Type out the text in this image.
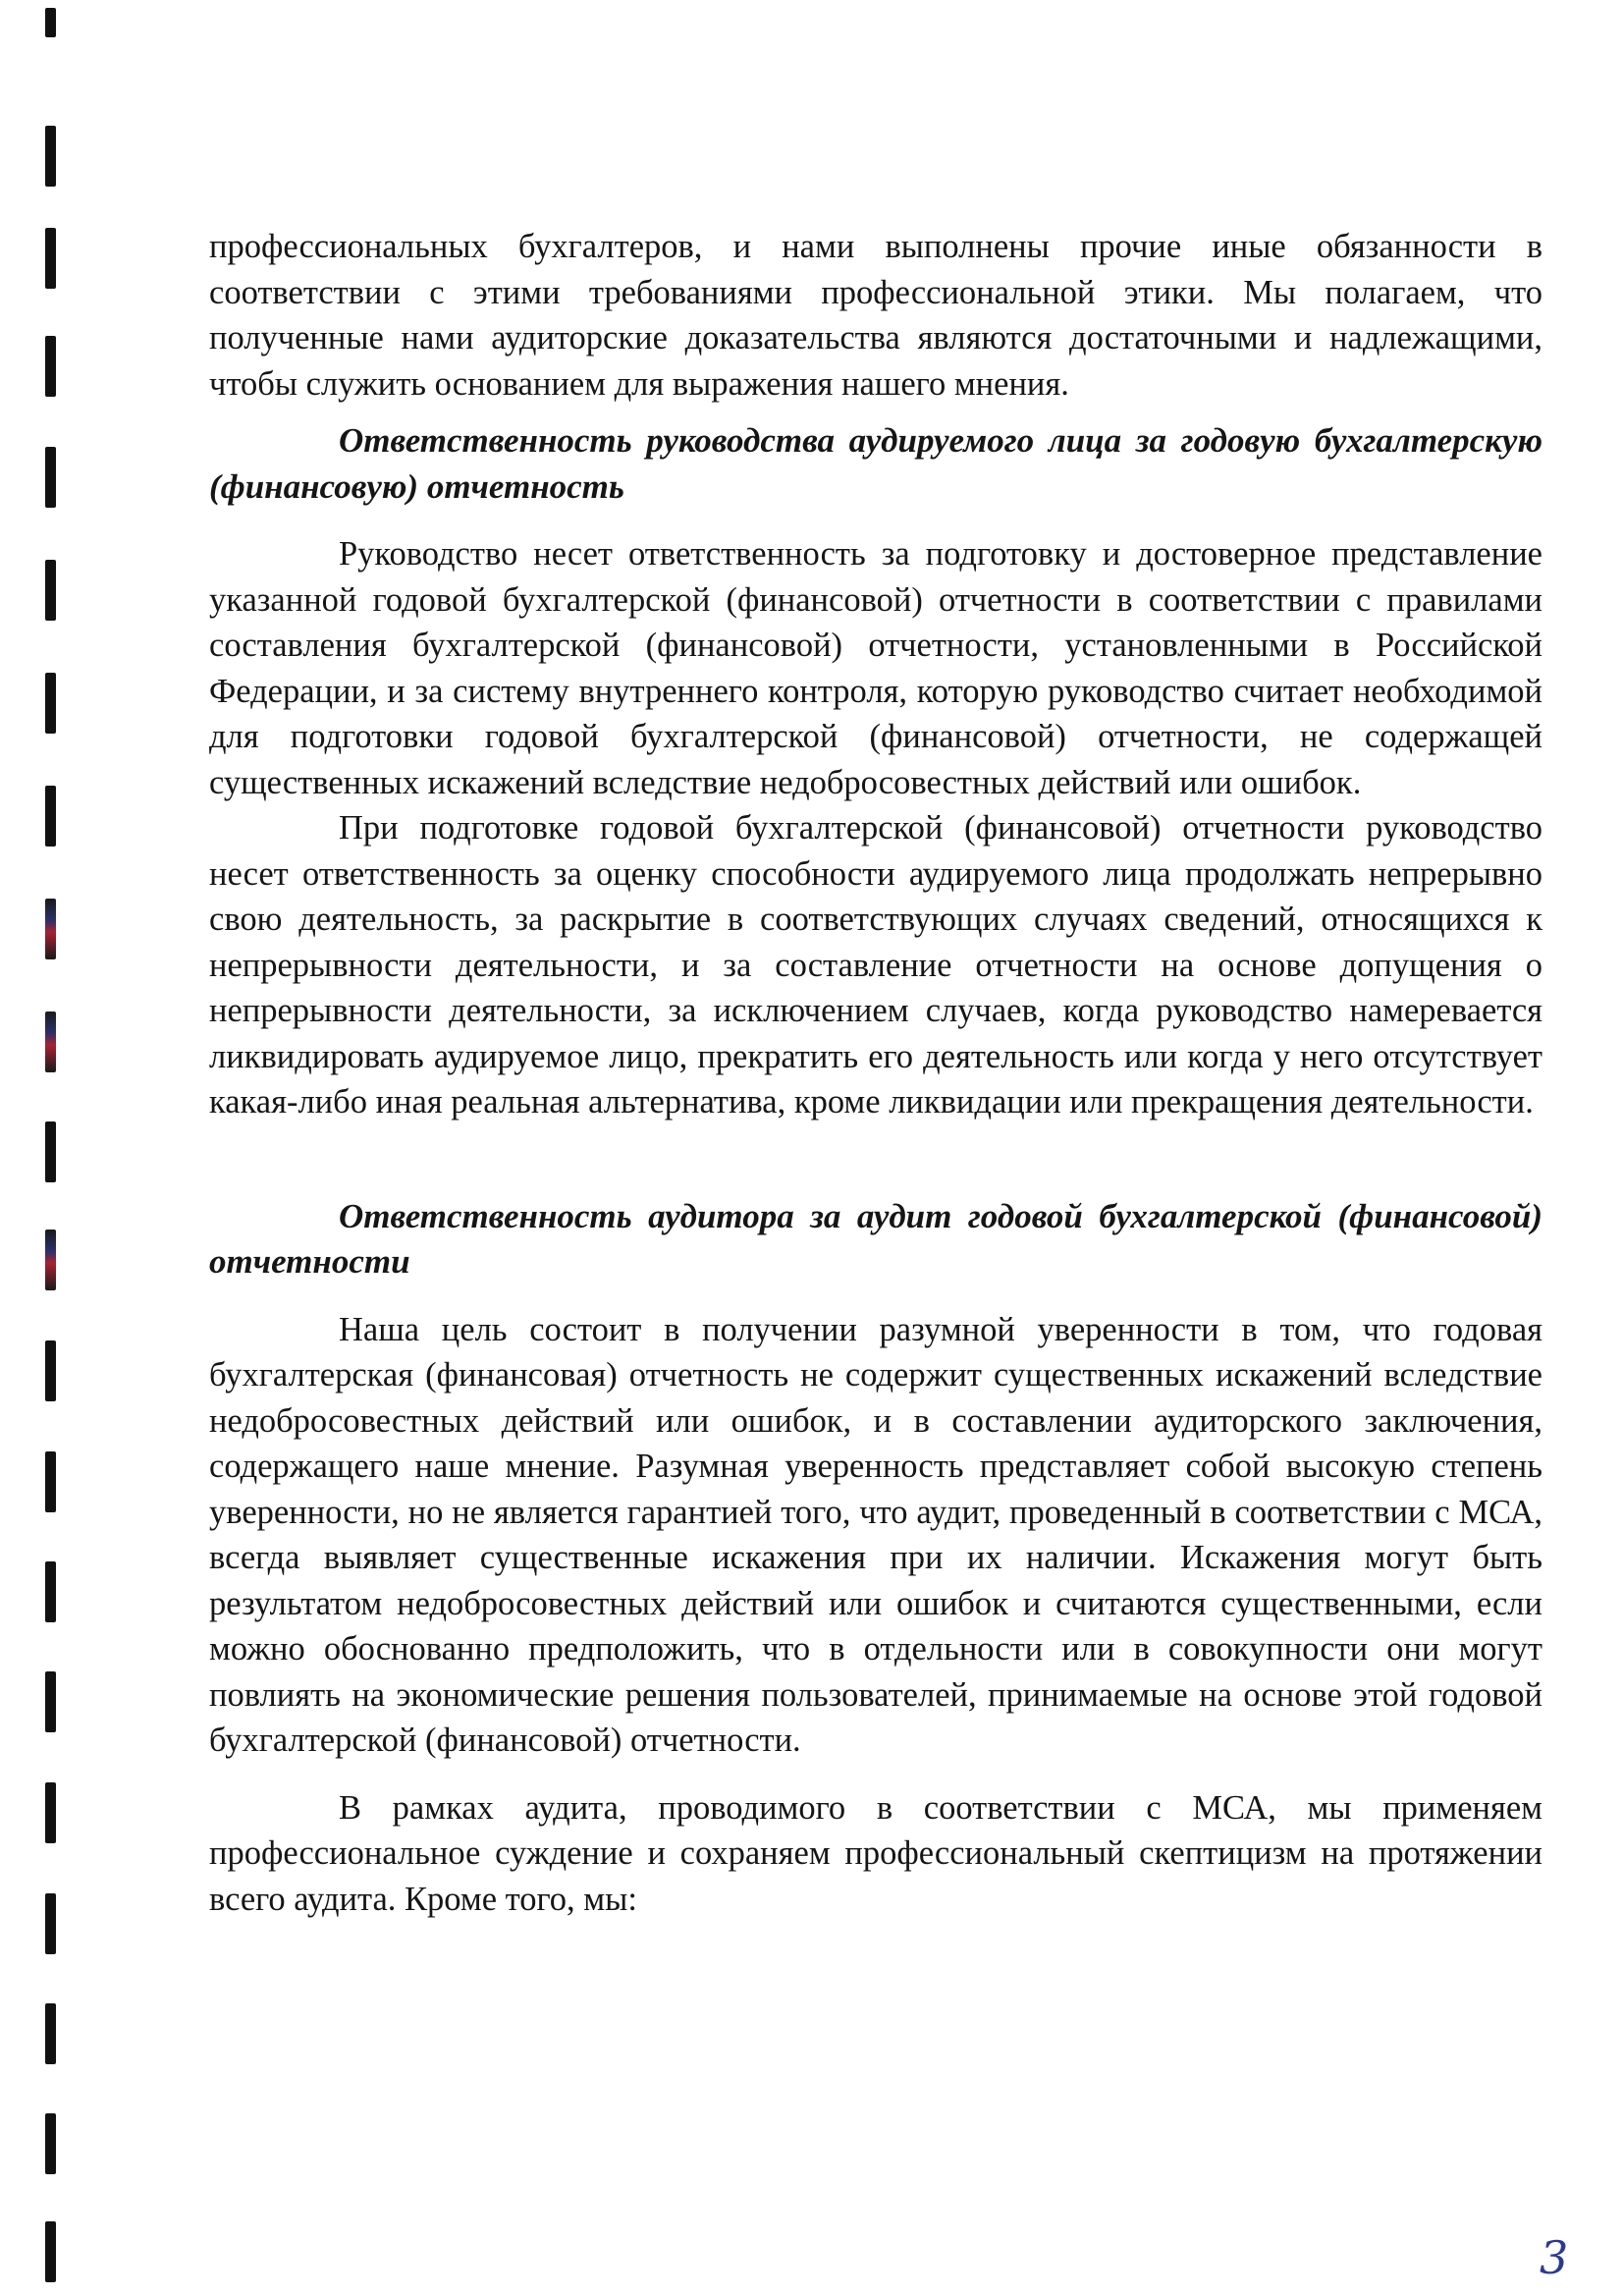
профессиональных бухгалтеров, и нами выполнены прочие иные обязанности в соответствии с этими требованиями профессиональной этики. Мы полагаем, что полученные нами аудиторские доказательства являются достаточными и надлежащими, чтобы служить основанием для выражения нашего мнения.

Ответственность руководства аудируемого лица за годовую бухгалтерскую (финансовую) отчетность

Руководство несет ответственность за подготовку и достоверное представление указанной годовой бухгалтерской (финансовой) отчетности в соответствии с правилами составления бухгалтерской (финансовой) отчетности, установленными в Российской Федерации, и за систему внутреннего контроля, которую руководство считает необходимой для подготовки годовой бухгалтерской (финансовой) отчетности, не содержащей существенных искажений вследствие недобросовестных действий или ошибок.

При подготовке годовой бухгалтерской (финансовой) отчетности руководство несет ответственность за оценку способности аудируемого лица продолжать непрерывно свою деятельность, за раскрытие в соответствующих случаях сведений, относящихся к непрерывности деятельности, и за составление отчетности на основе допущения о непрерывности деятельности, за исключением случаев, когда руководство намеревается ликвидировать аудируемое лицо, прекратить его деятельность или когда у него отсутствует какая-либо иная реальная альтернатива, кроме ликвидации или прекращения деятельности.

Ответственность аудитора за аудит годовой бухгалтерской (финансовой) отчетности

Наша цель состоит в получении разумной уверенности в том, что годовая бухгалтерская (финансовая) отчетность не содержит существенных искажений вследствие недобросовестных действий или ошибок, и в составлении аудиторского заключения, содержащего наше мнение. Разумная уверенность представляет собой высокую степень уверенности, но не является гарантией того, что аудит, проведенный в соответствии с МСА, всегда выявляет существенные искажения при их наличии. Искажения могут быть результатом недобросовестных действий или ошибок и считаются существенными, если можно обоснованно предположить, что в отдельности или в совокупности они могут повлиять на экономические решения пользователей, принимаемые на основе этой годовой бухгалтерской (финансовой) отчетности.

В рамках аудита, проводимого в соответствии с МСА, мы применяем профессиональное суждение и сохраняем профессиональный скептицизм на протяжении всего аудита. Кроме того, мы:

3
